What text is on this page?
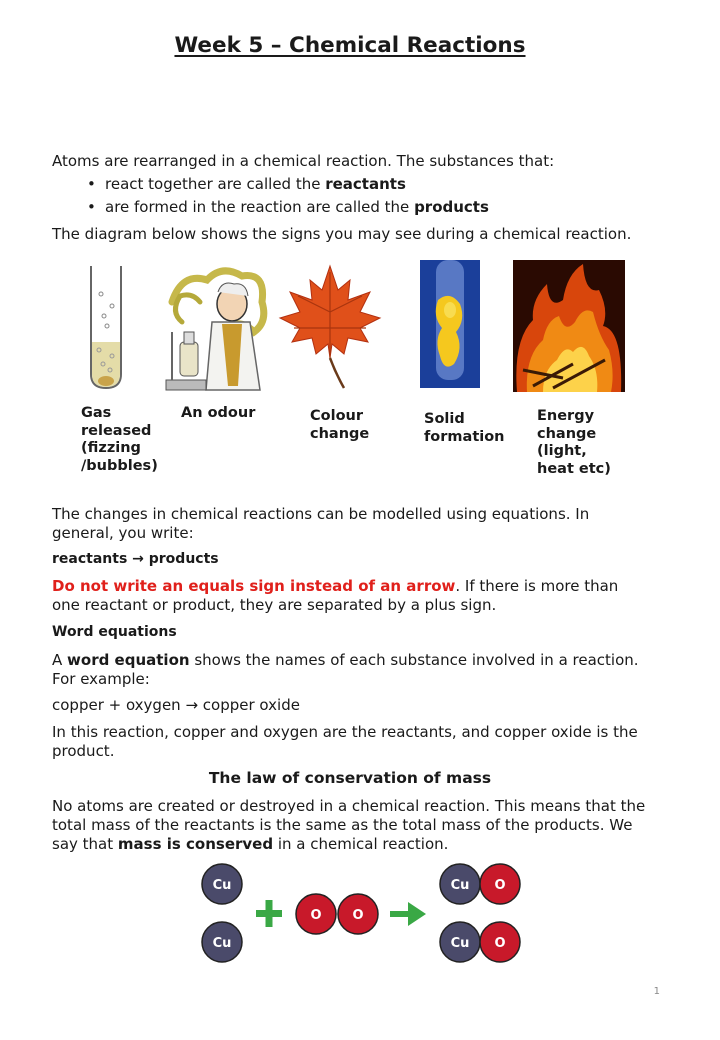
Week 5 – Chemical Reactions
Atoms are rearranged in a chemical reaction. The substances that:
• react together are called the reactants
• are formed in the reaction are called the products
The diagram below shows the signs you may see during a chemical reaction.
Gas released (fizzing /bubbles)
An odour	Colour change
Solid formation
Energy change (light, heat etc)
The changes in chemical reactions can be modelled using equations. In general, you write:
reactants → products
Do not write an equals sign instead of an arrow. If there is more than one reactant or product, they are separated by a plus sign.
Word equations
A word equation shows the names of each substance involved in a reaction. For example:
copper + oxygen → copper oxide
In this reaction, copper and oxygen are the reactants, and copper oxide is the product.
The law of conservation of mass
No atoms are created or destroyed in a chemical reaction. This means that the total mass of the reactants is the same as the total mass of the products. We say that mass is conserved in a chemical reaction.
Cu
Cu
O O
Cu O
Cu O
1
